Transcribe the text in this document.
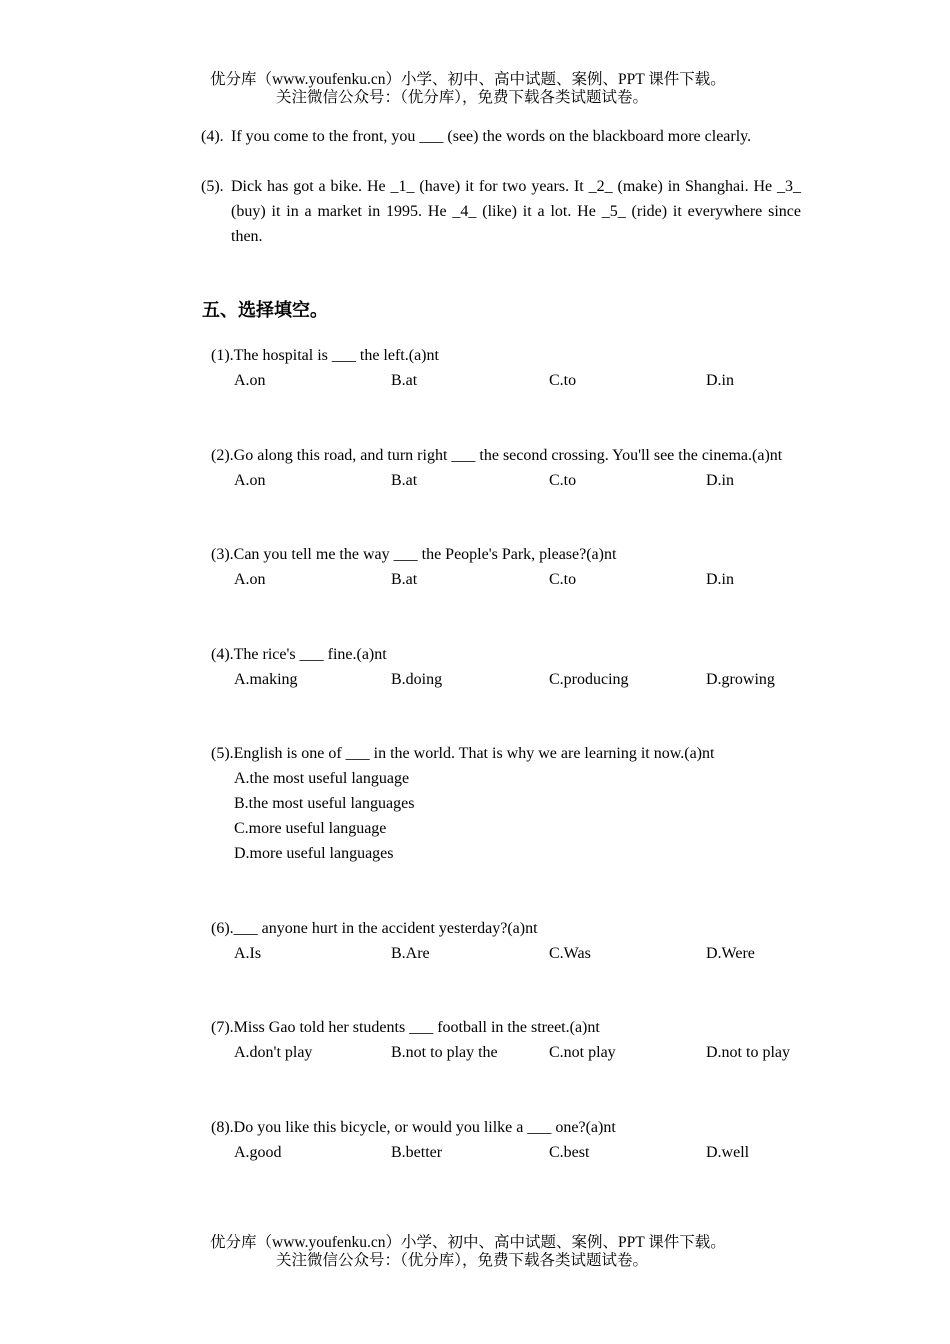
优分库（www.youfenku.cn）小学、初中、高中试题、案例、PPT 课件下载。
关注微信公众号：（优分库），免费下载各类试题试卷。
(4). If you come to the front, you ___ (see) the words on the blackboard more clearly.
(5). Dick has got a bike. He _1_ (have) it for two years. It _2_ (make) in Shanghai. He _3_ (buy) it in a market in 1995. He _4_ (like) it a lot. He _5_ (ride) it everywhere since then.
五、选择填空。
(1).The hospital is ___ the left.(a)nt
A.on	B.at	C.to	D.in
(2).Go along this road, and turn right ___ the second crossing. You'll see the cinema.(a)nt
A.on	B.at	C.to	D.in
(3).Can you tell me the way ___ the People's Park, please?(a)nt
A.on	B.at	C.to	D.in
(4).The rice's ___ fine.(a)nt
A.making	B.doing	C.producing	D.growing
(5).English is one of ___ in the world. That is why we are learning it now.(a)nt
A.the most useful language
B.the most useful languages
C.more useful language
D.more useful languages
(6).___ anyone hurt in the accident yesterday?(a)nt
A.Is	B.Are	C.Was	D.Were
(7).Miss Gao told her students ___ football in the street.(a)nt
A.don't play	B.not to play the	C.not play	D.not to play
(8).Do you like this bicycle, or would you lilke a ___ one?(a)nt
A.good	B.better	C.best	D.well
优分库（www.youfenku.cn）小学、初中、高中试题、案例、PPT 课件下载。
关注微信公众号：（优分库），免费下载各类试题试卷。
